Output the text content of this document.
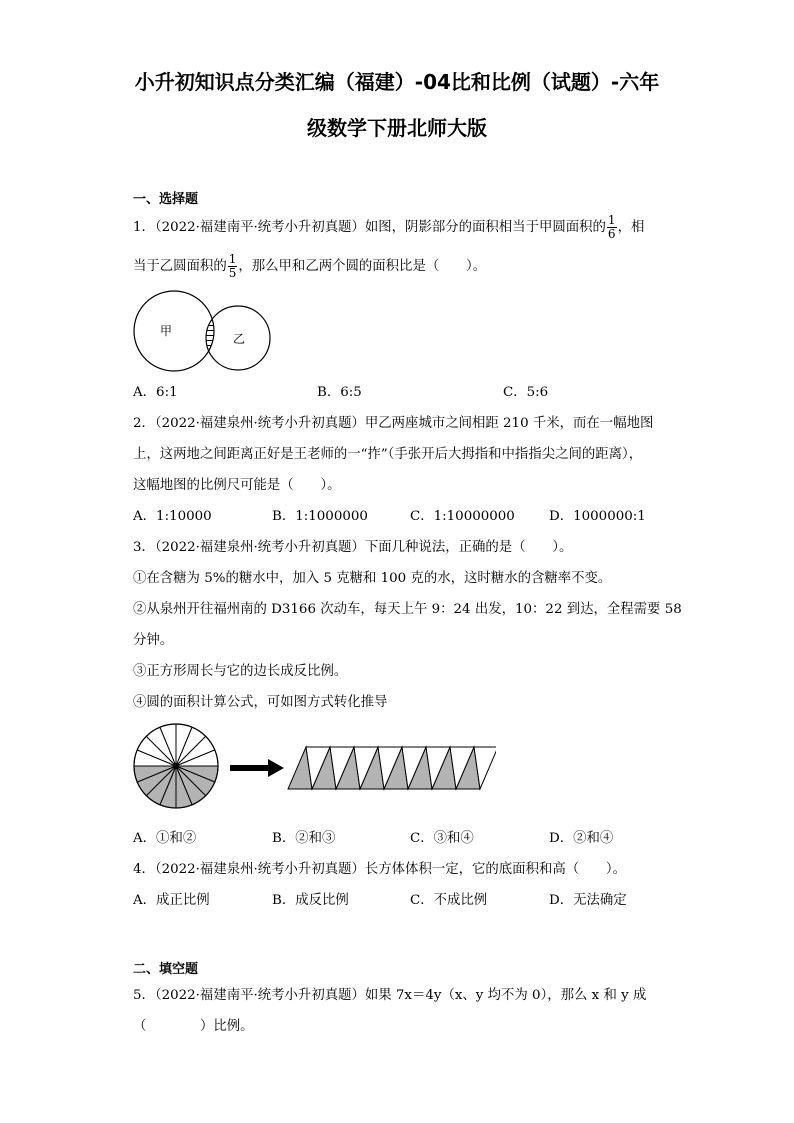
小升初知识点分类汇编（福建）-04比和比例（试题）-六年
级数学下册北师大版
一、选择题
1．（2022·福建南平·统考小升初真题）如图，阴影部分的面积相当于甲圆面积的 $\frac{1}{6}$ ，相
当于乙圆面积的 $\frac{1}{5}$ ，那么甲和乙两个圆的面积比是（　　）。
甲
乙
A．6:1	B．6:5	C．5:6
2．（2022·福建泉州·统考小升初真题）甲乙两座城市之间相距 210 千米，而在一幅地图
上，这两地之间距离正好是王老师的一“拃”（手张开后大拇指和中指指尖之间的距离），
这幅地图的比例尺可能是（　　）。
A．1:10000	B．1:1000000	C．1:10000000	D．1000000:1
3．（2022·福建泉州·统考小升初真题）下面几种说法，正确的是（　　）。
①在含糖为 5%的糖水中，加入 5 克糖和 100 克的水，这时糖水的含糖率不变。
②从泉州开往福州南的 D3166 次动车，每天上午 9：24 出发，10：22 到达，全程需要 58
分钟。
③正方形周长与它的边长成反比例。
④圆的面积计算公式，可如图方式转化推导
A．①和②	B．②和③	C．③和④	D．②和④
4．（2022·福建泉州·统考小升初真题）长方体体积一定，它的底面积和高（　　）。
A．成正比例	B．成反比例	C．不成比例	D．无法确定
二、填空题
5．（2022·福建南平·统考小升初真题）如果 7x＝4y（x、y 均不为 0），那么 x 和 y 成
（　　　　）比例。
